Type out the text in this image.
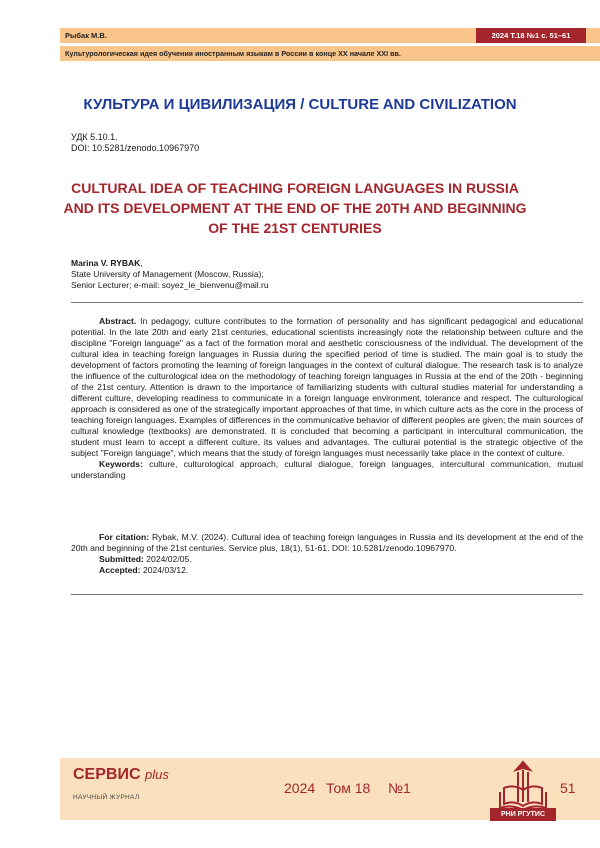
Рыбак М.В.	2024 Т.18 №1 с. 51–61
Культурологическая идея обучения иностранным языкам в России в конце XX начале XXI вв.
КУЛЬТУРА И ЦИВИЛИЗАЦИЯ / CULTURE AND CIVILIZATION
УДК 5.10.1.
DOI: 10.5281/zenodo.10967970
CULTURAL IDEA OF TEACHING FOREIGN LANGUAGES IN RUSSIA AND ITS DEVELOPMENT AT THE END OF THE 20TH AND BEGINNING OF THE 21ST CENTURIES
Marina V. RYBAK,
State University of Management (Moscow, Russia);
Senior Lecturer; e-mail: soyez_le_bienvenu@mail.ru

Abstract. In pedagogy, culture contributes to the formation of personality and has significant pedagogical and educational potential. In the late 20th and early 21st centuries, educational scientists increasingly note the relationship between culture and the discipline "Foreign language" as a fact of the formation moral and aesthetic consciousness of the individual. The development of the cultural idea in teaching foreign languages in Russia during the specified period of time is studied. The main goal is to study the development of factors promoting the learning of foreign languages in the context of cultural dialogue. The research task is to analyze the influence of the culturological idea on the methodology of teaching foreign languages in Russia at the end of the 20th - beginning of the 21st century. Attention is drawn to the importance of familiarizing students with cultural studies material for understanding a different culture, developing readiness to communicate in a foreign language environment, tolerance and respect. The culturological approach is considered as one of the strategically important approaches of that time, in which culture acts as the core in the process of teaching foreign languages. Examples of differences in the communicative behavior of different peoples are given; the main sources of cultural knowledge (textbooks) are demonstrated. It is concluded that becoming a participant in intercultural communication, the student must learn to accept a different culture, its values and advantages. The cultural potential is the strategic objective of the subject "Foreign language", which means that the study of foreign languages must necessarily take place in the context of culture.

Keywords: culture, culturological approach, cultural dialogue, foreign languages, intercultural communication, mutual understanding

For citation: Rybak, M.V. (2024). Cultural idea of teaching foreign languages in Russia and its development at the end of the 20th and beginning of the 21st centuries. Service plus, 18(1), 51-61. DOI: 10.5281/zenodo.10967970.

Submitted: 2024/02/05.

Accepted: 2024/03/12.

СЕРВИС plus
НАУЧНЫЙ ЖУРНАЛ
2024 Том 18 №1
РНИ РГУТИС
51
